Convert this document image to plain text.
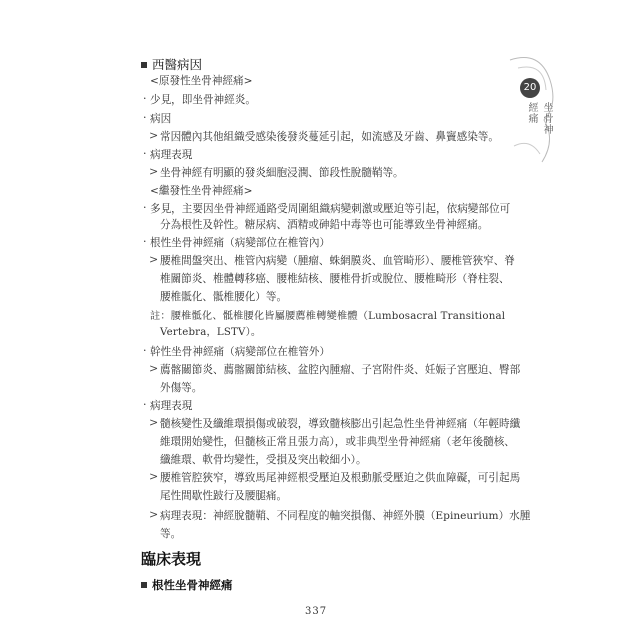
20
坐骨神經痛
西醫病因
<原發性坐骨神經痛>
· 少見，即坐骨神經炎。
· 病因
> 常因體內其他組織受感染後發炎蔓延引起，如流感及牙齒、鼻竇感染等。
· 病理表現
> 坐骨神經有明顯的發炎細胞浸潤、節段性脫髓鞘等。
<繼發性坐骨神經痛>
· 多見，主要因坐骨神經通路受周圍組織病變刺激或壓迫等引起，依病變部位可
分為根性及幹性。糖尿病、酒精或砷鉛中毒等也可能導致坐骨神經痛。
· 根性坐骨神經痛（病變部位在椎管內）
> 腰椎間盤突出、椎管內病變（腫瘤、蛛網膜炎、血管畸形）、腰椎管狹窄、脊
椎關節炎、椎體轉移癌、腰椎結核、腰椎骨折或脫位、腰椎畸形（脊柱裂、
腰椎骶化、骶椎腰化）等。
註：腰椎骶化、骶椎腰化皆屬腰薦椎轉變椎體（Lumbosacral Transitional
Vertebra，LSTV）。
· 幹性坐骨神經痛（病變部位在椎管外）
> 薦髂關節炎、薦髂關節結核、盆腔內腫瘤、子宮附件炎、妊娠子宮壓迫、臀部
外傷等。
· 病理表現
> 髓核變性及纖維環損傷或破裂，導致髓核膨出引起急性坐骨神經痛（年輕時纖
維環開始變性，但髓核正常且張力高），或非典型坐骨神經痛（老年後髓核、
纖維環、軟骨均變性，受損及突出較細小）。
> 腰椎管腔狹窄，導致馬尾神經根受壓迫及根動脈受壓迫之供血障礙，可引起馬
尾性間歇性跛行及腰腿痛。
> 病理表現：神經脫髓鞘、不同程度的軸突損傷、神經外膜（Epineurium）水腫
等。
臨床表現
根性坐骨神經痛
337
